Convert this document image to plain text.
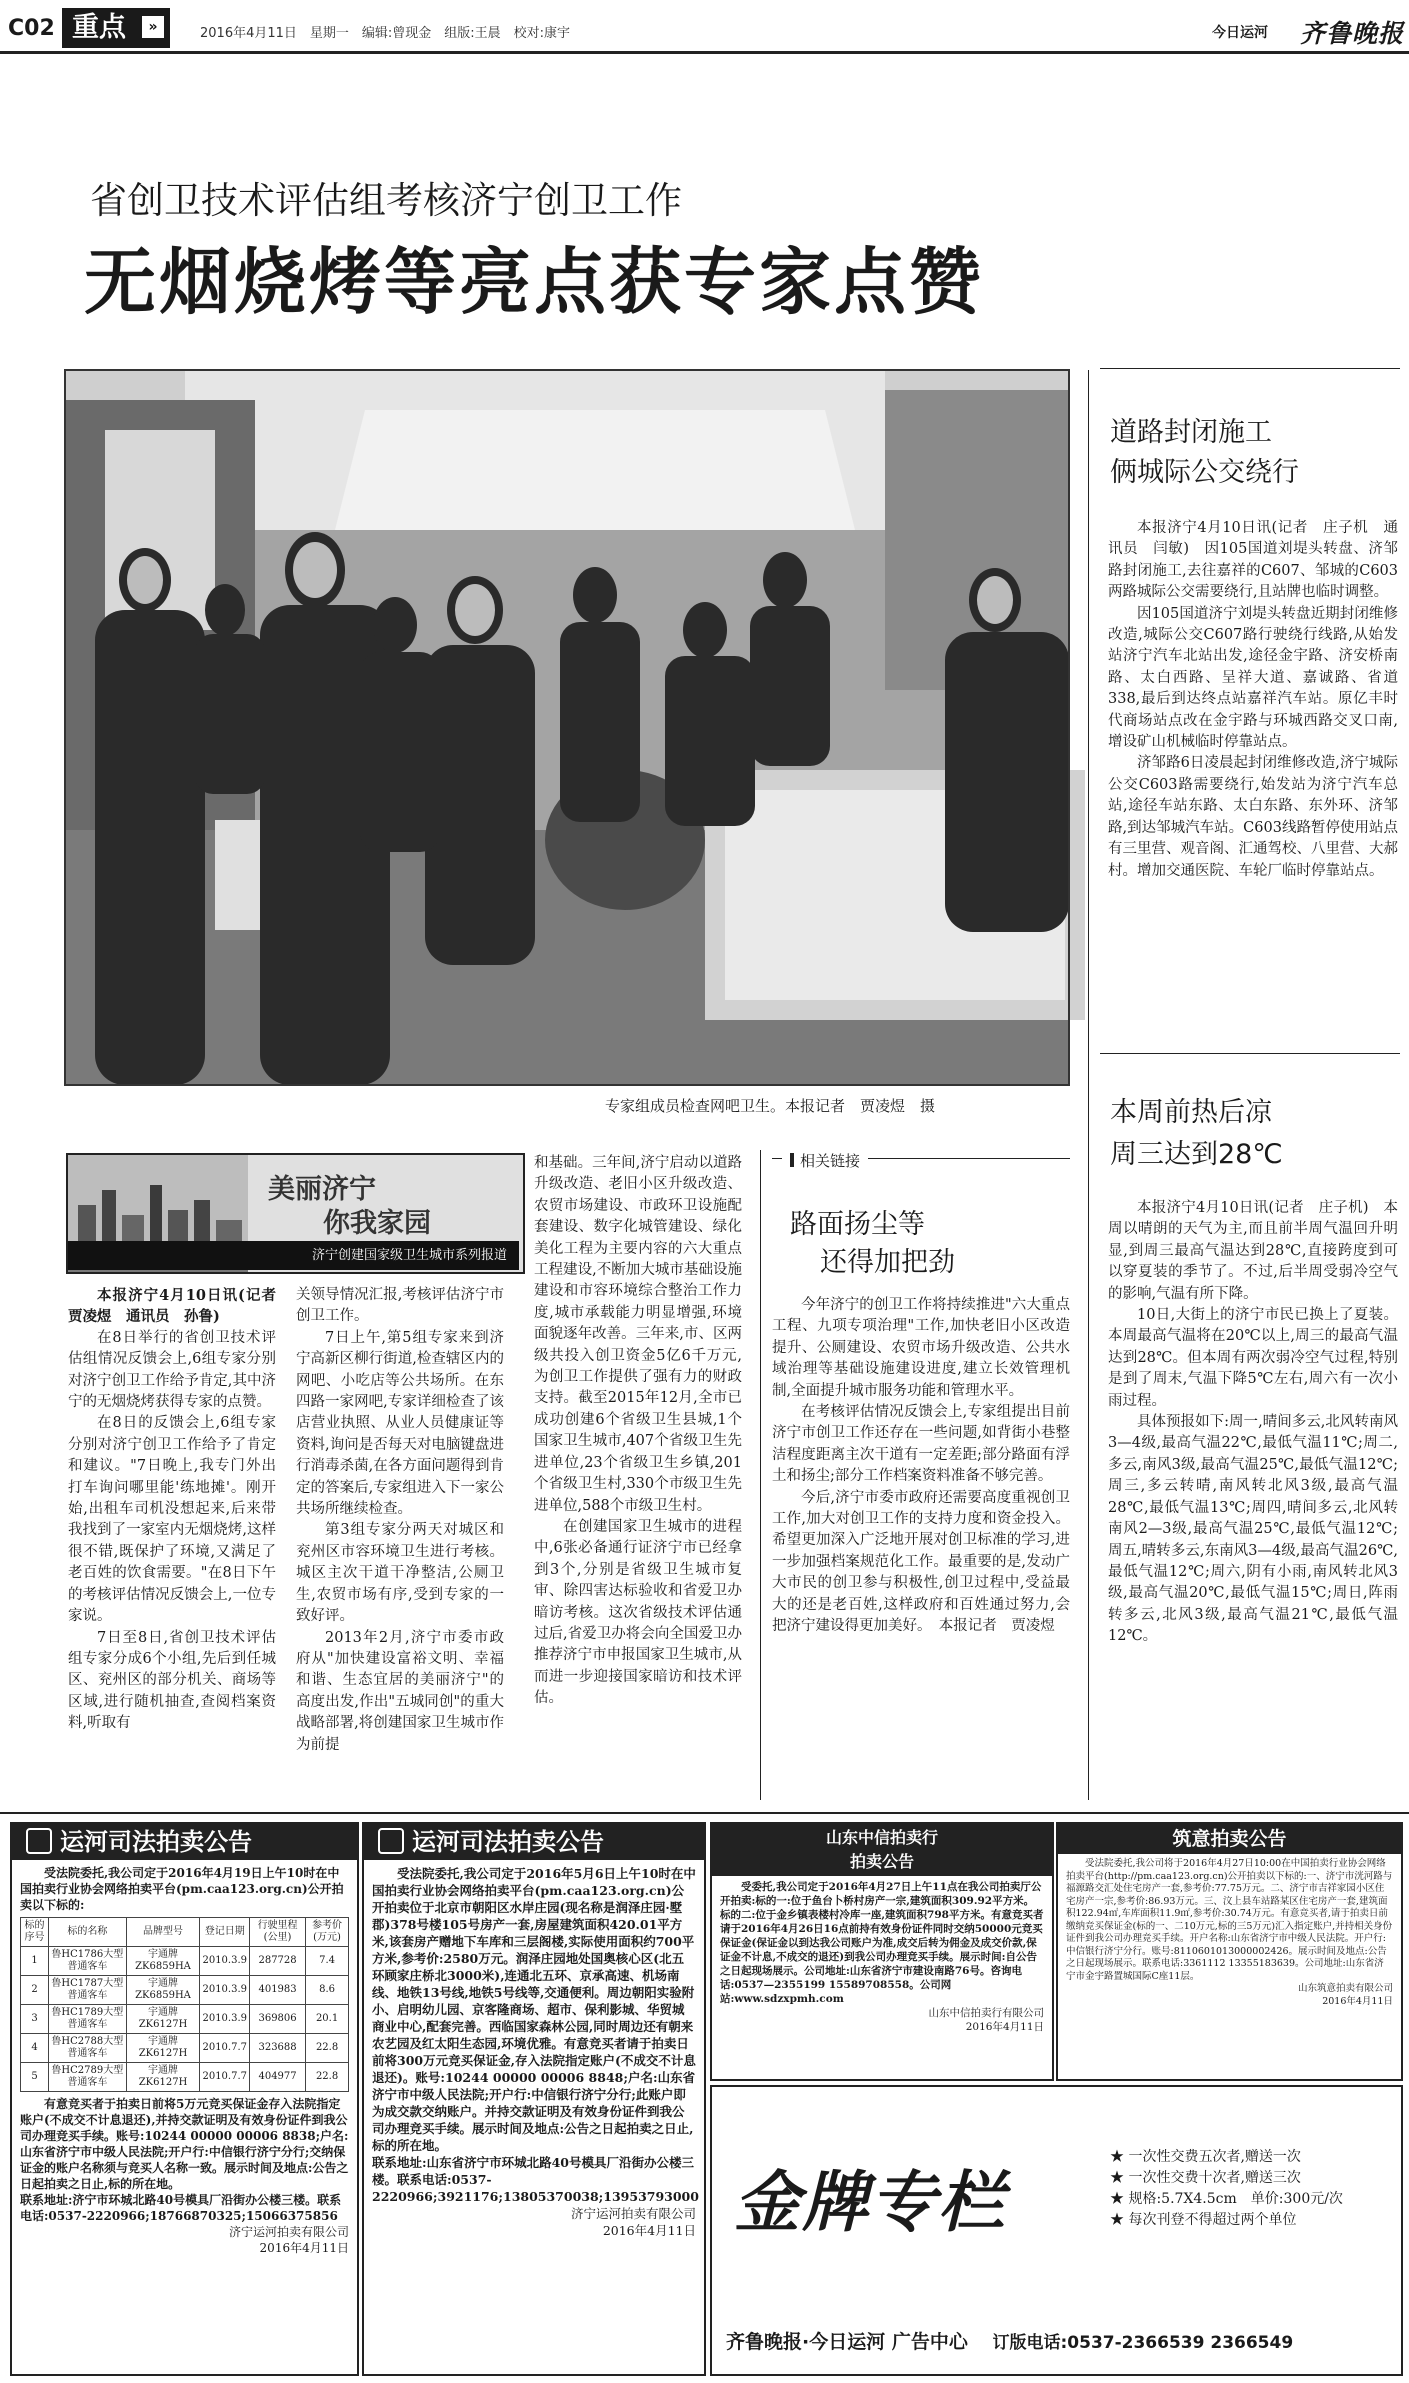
C02 重点	»	2016年4月11日　星期一　编辑:曾现金　组版:王晨　校对:康宇	今日运河 齐鲁晚报
省创卫技术评估组考核济宁创卫工作
无烟烧烤等亮点获专家点赞
专家组成员检查网吧卫生。本报记者　贾凌煜　摄
美丽济宁
你我家园
济宁创建国家级卫生城市系列报道

本报济宁4月10日讯(记者　贾凌煜　通讯员　孙鲁)

在8日举行的省创卫技术评估组情况反馈会上,6组专家分别对济宁创卫工作给予肯定,其中济宁的无烟烧烤获得专家的点赞。

在8日的反馈会上,6组专家分别对济宁创卫工作给予了肯定和建议。"7日晚上,我专门外出打车询问哪里能'练地摊'。刚开始,出租车司机没想起来,后来带我找到了一家室内无烟烧烤,这样很不错,既保护了环境,又满足了老百姓的饮食需要。"在8日下午的考核评估情况反馈会上,一位专家说。

7日至8日,省创卫技术评估组专家分成6个小组,先后到任城区、兖州区的部分机关、商场等区域,进行随机抽查,查阅档案资料,听取有

关领导情况汇报,考核评估济宁市创卫工作。

7日上午,第5组专家来到济宁高新区柳行街道,检查辖区内的网吧、小吃店等公共场所。在东四路一家网吧,专家详细检查了该店营业执照、从业人员健康证等资料,询问是否每天对电脑键盘进行消毒杀菌,在各方面问题得到肯定的答案后,专家组进入下一家公共场所继续检查。

第3组专家分两天对城区和兖州区市容环境卫生进行考核。城区主次干道干净整洁,公厕卫生,农贸市场有序,受到专家的一致好评。

2013年2月,济宁市委市政府从"加快建设富裕文明、幸福和谐、生态宜居的美丽济宁"的高度出发,作出"五城同创"的重大战略部署,将创建国家卫生城市作为前提

和基础。三年间,济宁启动以道路升级改造、老旧小区升级改造、农贸市场建设、市政环卫设施配套建设、数字化城管建设、绿化美化工程为主要内容的六大重点工程建设,不断加大城市基础设施建设和市容环境综合整治工作力度,城市承载能力明显增强,环境面貌逐年改善。三年来,市、区两级共投入创卫资金5亿6千万元,为创卫工作提供了强有力的财政支持。截至2015年12月,全市已成功创建6个省级卫生县城,1个国家卫生城市,407个省级卫生先进单位,23个省级卫生乡镇,201个省级卫生村,330个市级卫生先进单位,588个市级卫生村。

在创建国家卫生城市的进程中,6张必备通行证济宁市已经拿到3个,分别是省级卫生城市复审、除四害达标验收和省爱卫办暗访考核。这次省级技术评估通过后,省爱卫办将会向全国爱卫办推荐济宁市申报国家卫生城市,从而进一步迎接国家暗访和技术评估。

相关链接
路面扬尘等
还得加把劲

今年济宁的创卫工作将持续推进"六大重点工程、九项专项治理"工作,加快老旧小区改造提升、公厕建设、农贸市场升级改造、公共水域治理等基础设施建设进度,建立长效管理机制,全面提升城市服务功能和管理水平。

在考核评估情况反馈会上,专家组提出目前济宁市创卫工作还存在一些问题,如背街小巷整洁程度距离主次干道有一定差距;部分路面有浮土和扬尘;部分工作档案资料准备不够完善。

今后,济宁市委市政府还需要高度重视创卫工作,加大对创卫工作的支持力度和资金投入。希望更加深入广泛地开展对创卫标准的学习,进一步加强档案规范化工作。最重要的是,发动广大市民的创卫参与积极性,创卫过程中,受益最大的还是老百姓,这样政府和百姓通过努力,会把济宁建设得更加美好。　本报记者　贾凌煜

道路封闭施工
俩城际公交绕行

本报济宁4月10日讯(记者　庄子机　通讯员　闫敏)　因105国道刘堤头转盘、济邹路封闭施工,去往嘉祥的C607、邹城的C603两路城际公交需要绕行,且站牌也临时调整。

因105国道济宁刘堤头转盘近期封闭维修改造,城际公交C607路行驶绕行线路,从始发站济宁汽车北站出发,途径金宇路、济安桥南路、太白西路、呈祥大道、嘉诚路、省道338,最后到达终点站嘉祥汽车站。原亿丰时代商场站点改在金宇路与环城西路交叉口南,增设矿山机械临时停靠站点。

济邹路6日凌晨起封闭维修改造,济宁城际公交C603路需要绕行,始发站为济宁汽车总站,途径车站东路、太白东路、东外环、济邹路,到达邹城汽车站。C603线路暂停使用站点有三里营、观音阁、汇通驾校、八里营、大郝村。增加交通医院、车轮厂临时停靠站点。

本周前热后凉
周三达到28℃

本报济宁4月10日讯(记者　庄子机)　本周以晴朗的天气为主,而且前半周气温回升明显,到周三最高气温达到28℃,直接跨度到可以穿夏装的季节了。不过,后半周受弱冷空气的影响,气温有所下降。

10日,大街上的济宁市民已换上了夏装。本周最高气温将在20℃以上,周三的最高气温达到28℃。但本周有两次弱冷空气过程,特别是到了周末,气温下降5℃左右,周六有一次小雨过程。

具体预报如下:周一,晴间多云,北风转南风3—4级,最高气温22℃,最低气温11℃;周二,多云,南风3级,最高气温25℃,最低气温12℃;周三,多云转晴,南风转北风3级,最高气温28℃,最低气温13℃;周四,晴间多云,北风转南风2—3级,最高气温25℃,最低气温12℃;周五,晴转多云,东南风3—4级,最高气温26℃,最低气温12℃;周六,阴有小雨,南风转北风3级,最高气温20℃,最低气温15℃;周日,阵雨转多云,北风3级,最高气温21℃,最低气温12℃。

运河司法拍卖公告

受法院委托,我公司定于2016年4月19日上午10时在中国拍卖行业协会网络拍卖平台(pm.caa123.org.cn)公开拍卖以下标的:

标的序号	标的名称	品牌型号	登记日期	行驶里程(公里)	参考价(万元)
1	鲁HC1786大型普通客车	宇通牌ZK6859HA	2010.3.9	287728	7.4
2	鲁HC1787大型普通客车	宇通牌ZK6859HA	2010.3.9	401983	8.6
3	鲁HC1789大型普通客车	宇通牌ZK6127H	2010.3.9	369806	20.1
4	鲁HC2788大型普通客车	宇通牌ZK6127H	2010.7.7	323688	22.8
5	鲁HC2789大型普通客车	宇通牌ZK6127H	2010.7.7	404977	22.8

有意竞买者于拍卖日前将5万元竞买保证金存入法院指定账户(不成交不计息退还),并持交款证明及有效身份证件到我公司办理竞买手续。账号:10244 00000 00006 8838;户名:山东省济宁市中级人民法院;开户行:中信银行济宁分行;交纳保证金的账户名称须与竞买人名称一致。展示时间及地点:公告之日起拍卖之日止,标的所在地。

联系地址:济宁市环城北路40号模具厂沿街办公楼三楼。联系电话:0537-2220966;18766870325;15066375856

济宁运河拍卖有限公司

2016年4月11日

运河司法拍卖公告

受法院委托,我公司定于2016年5月6日上午10时在中国拍卖行业协会网络拍卖平台(pm.caa123.org.cn)公开拍卖位于北京市朝阳区水岸庄园(现名称是润泽庄园·墅郡)378号楼105号房产一套,房屋建筑面积420.01平方米,该套房产赠地下车库和三层阁楼,实际使用面积约700平方米,参考价:2580万元。润泽庄园地处国奥核心区(北五环顾家庄桥北3000米),连通北五环、京承高速、机场南线、地铁13号线,地铁5号线等,交通便利。周边朝阳实验附小、启明幼儿园、京客隆商场、超市、保利影城、华贸城商业中心,配套完善。西临国家森林公园,同时周边还有朝来农艺园及红太阳生态园,环境优雅。有意竞买者请于拍卖日前将300万元竞买保证金,存入法院指定账户(不成交不计息退还)。账号:10244 00000 00006 8848;户名:山东省济宁市中级人民法院;开户行:中信银行济宁分行;此账户即为成交款交纳账户。并持交款证明及有效身份证件到我公司办理竞买手续。展示时间及地点:公告之日起拍卖之日止,标的所在地。

联系地址:山东省济宁市环城北路40号模具厂沿街办公楼三楼。联系电话:0537-2220966;3921176;13805370038;13953793000

济宁运河拍卖有限公司

2016年4月11日

山东中信拍卖行
拍卖公告

受委托,我公司定于2016年4月27日上午11点在我公司拍卖厅公开拍卖:标的一:位于鱼台卜桥村房产一宗,建筑面积309.92平方米。标的二:位于金乡镇表楼村冷库一座,建筑面积798平方米。有意竞买者请于2016年4月26日16点前持有效身份证件同时交纳50000元竞买保证金(保证金以到达我公司账户为准,成交后转为佣金及成交价款,保证金不计息,不成交的退还)到我公司办理竞买手续。展示时间:自公告之日起现场展示。公司地址:山东省济宁市建设南路76号。咨询电话:0537—2355199 15589708558。公司网站:www.sdzxpmh.com

山东中信拍卖行有限公司

2016年4月11日

筑意拍卖公告

受法院委托,我公司将于2016年4月27日10:00在中国拍卖行业协会网络拍卖平台(http://pm.caa123.org.cn)公开拍卖以下标的:一、济宁市洸河路与福源路交汇处住宅房产一套,参考价:77.75万元。二、济宁市吉祥家园小区住宅房产一宗,参考价:86.93万元。三、汶上县车站路某区住宅房产一套,建筑面积122.94㎡,车库面积11.9㎡,参考价:30.74万元。有意竞买者,请于拍卖日前缴纳竞买保证金(标的一、二10万元,标的三5万元)汇入指定账户,并持相关身份证件到我公司办理竞买手续。开户名称:山东省济宁市中级人民法院。开户行:中信银行济宁分行。账号:8110601013000002426。展示时间及地点:公告之日起现场展示。联系电话:3361112 13355183639。公司地址:山东省济宁市金宇路置城国际C座11层。

山东筑意拍卖有限公司

2016年4月11日

金牌专栏
★ 一次性交费五次者,赠送一次
★ 一次性交费十次者,赠送三次
★ 规格:5.7X4.5cm　单价:300元/次
★ 每次刊登不得超过两个单位
齐鲁晚报·今日运河 广告中心 订版电话:0537-2366539 2366549
